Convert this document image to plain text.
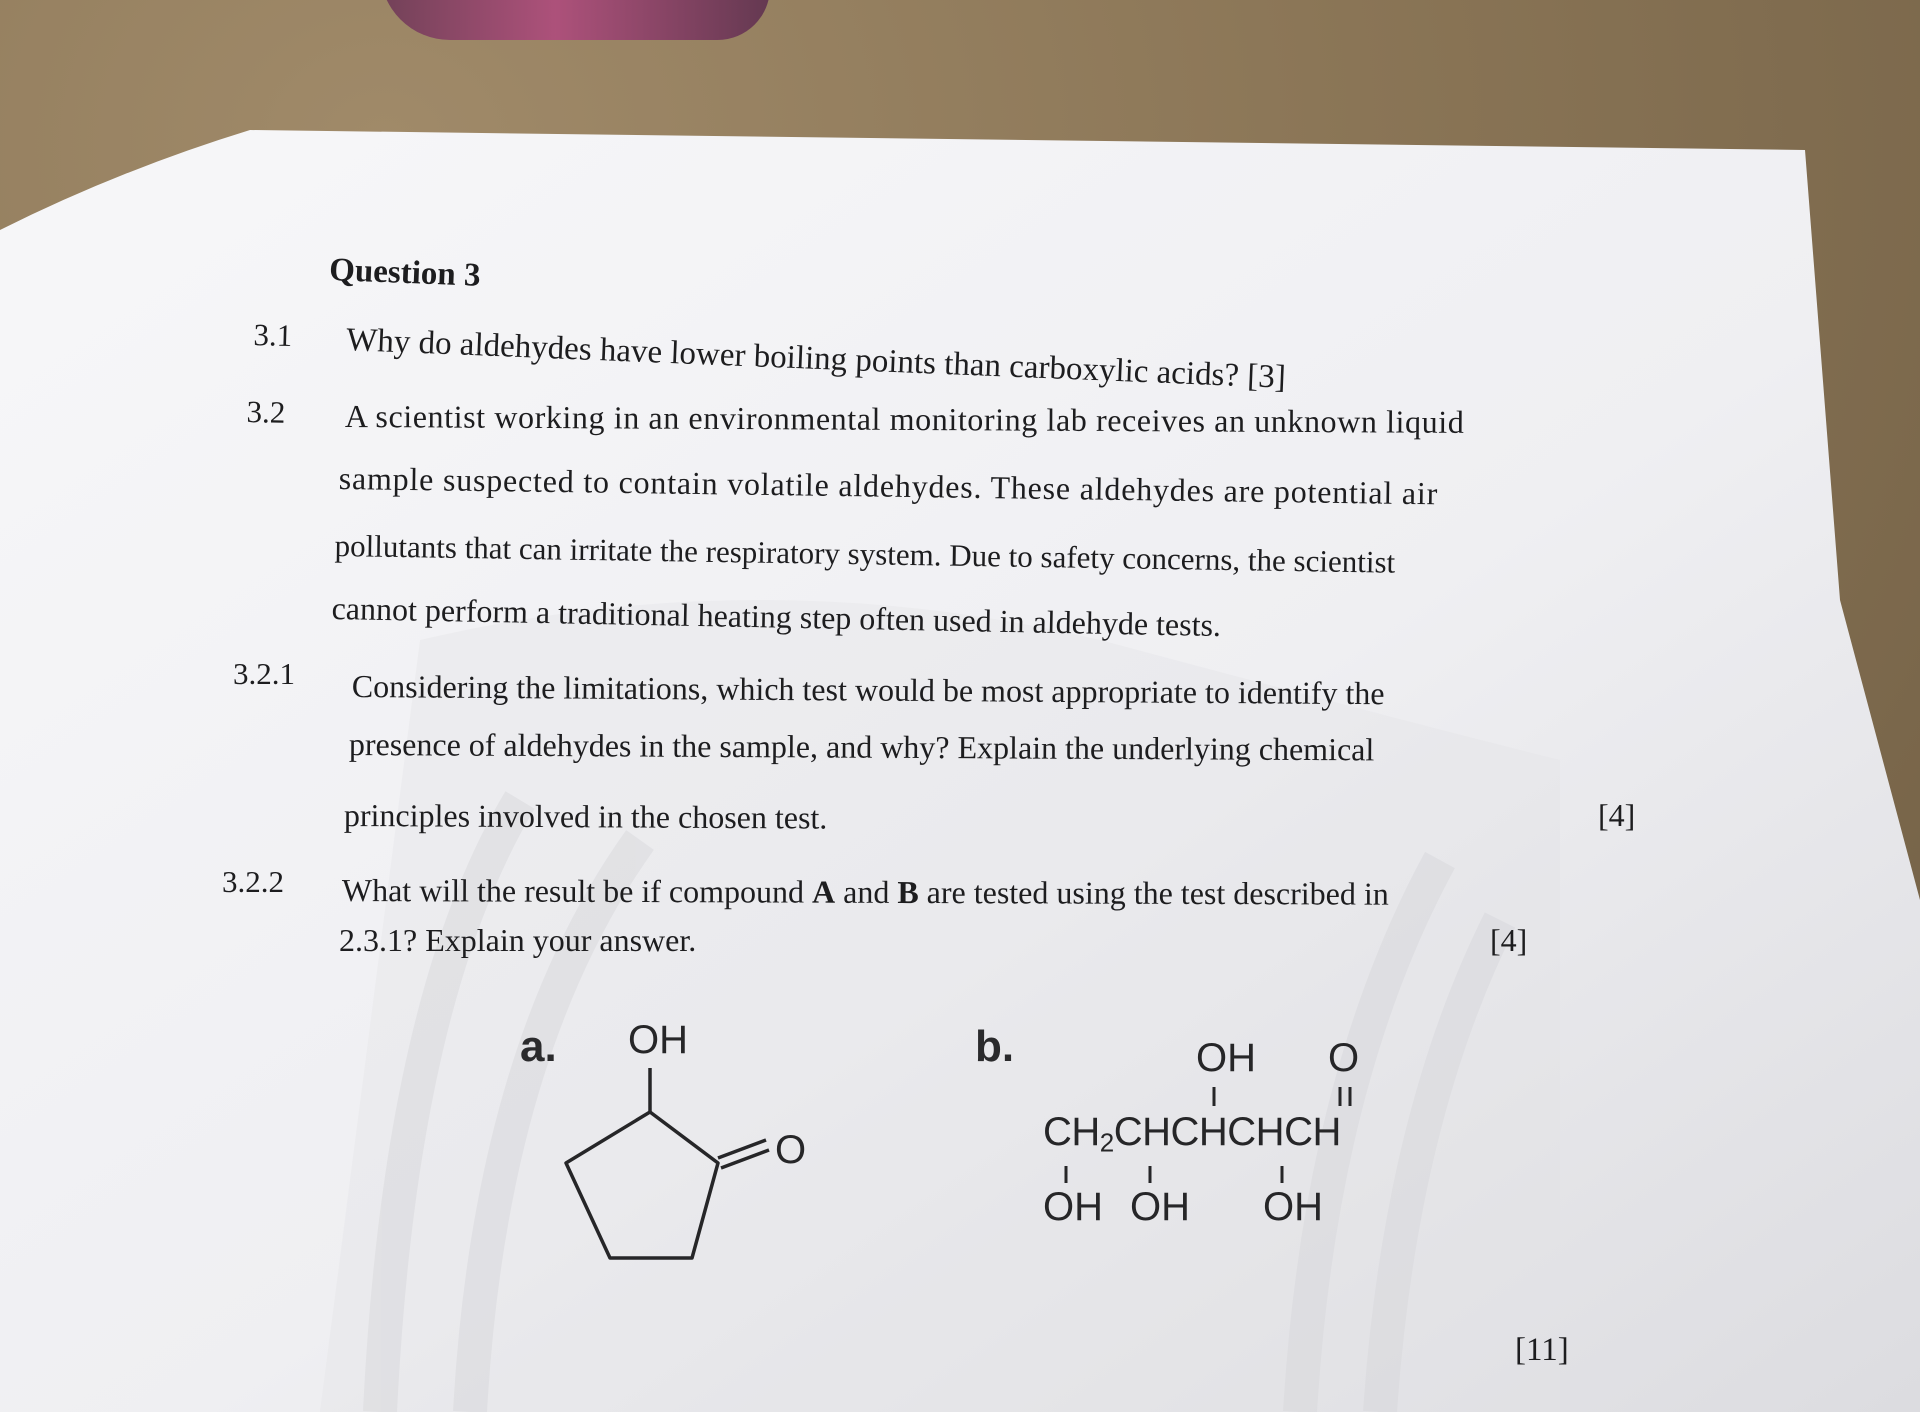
Question 3
3.1 Why do aldehydes have lower boiling points than carboxylic acids? [3]
3.2 A scientist working in an environmental monitoring lab receives an unknown liquid
sample suspected to contain volatile aldehydes. These aldehydes are potential air
pollutants that can irritate the respiratory system. Due to safety concerns, the scientist
cannot perform a traditional heating step often used in aldehyde tests.
3.2.1 Considering the limitations, which test would be most appropriate to identify the
presence of aldehydes in the sample, and why? Explain the underlying chemical
principles involved in the chosen test.	[4]
3.2.2 What will the result be if compound A and B are tested using the test described in
2.3.1? Explain your answer.	[4]
a. OH
O
b.	OH O
$CH_2CHCHCHCH$
OH OH OH
[11]
